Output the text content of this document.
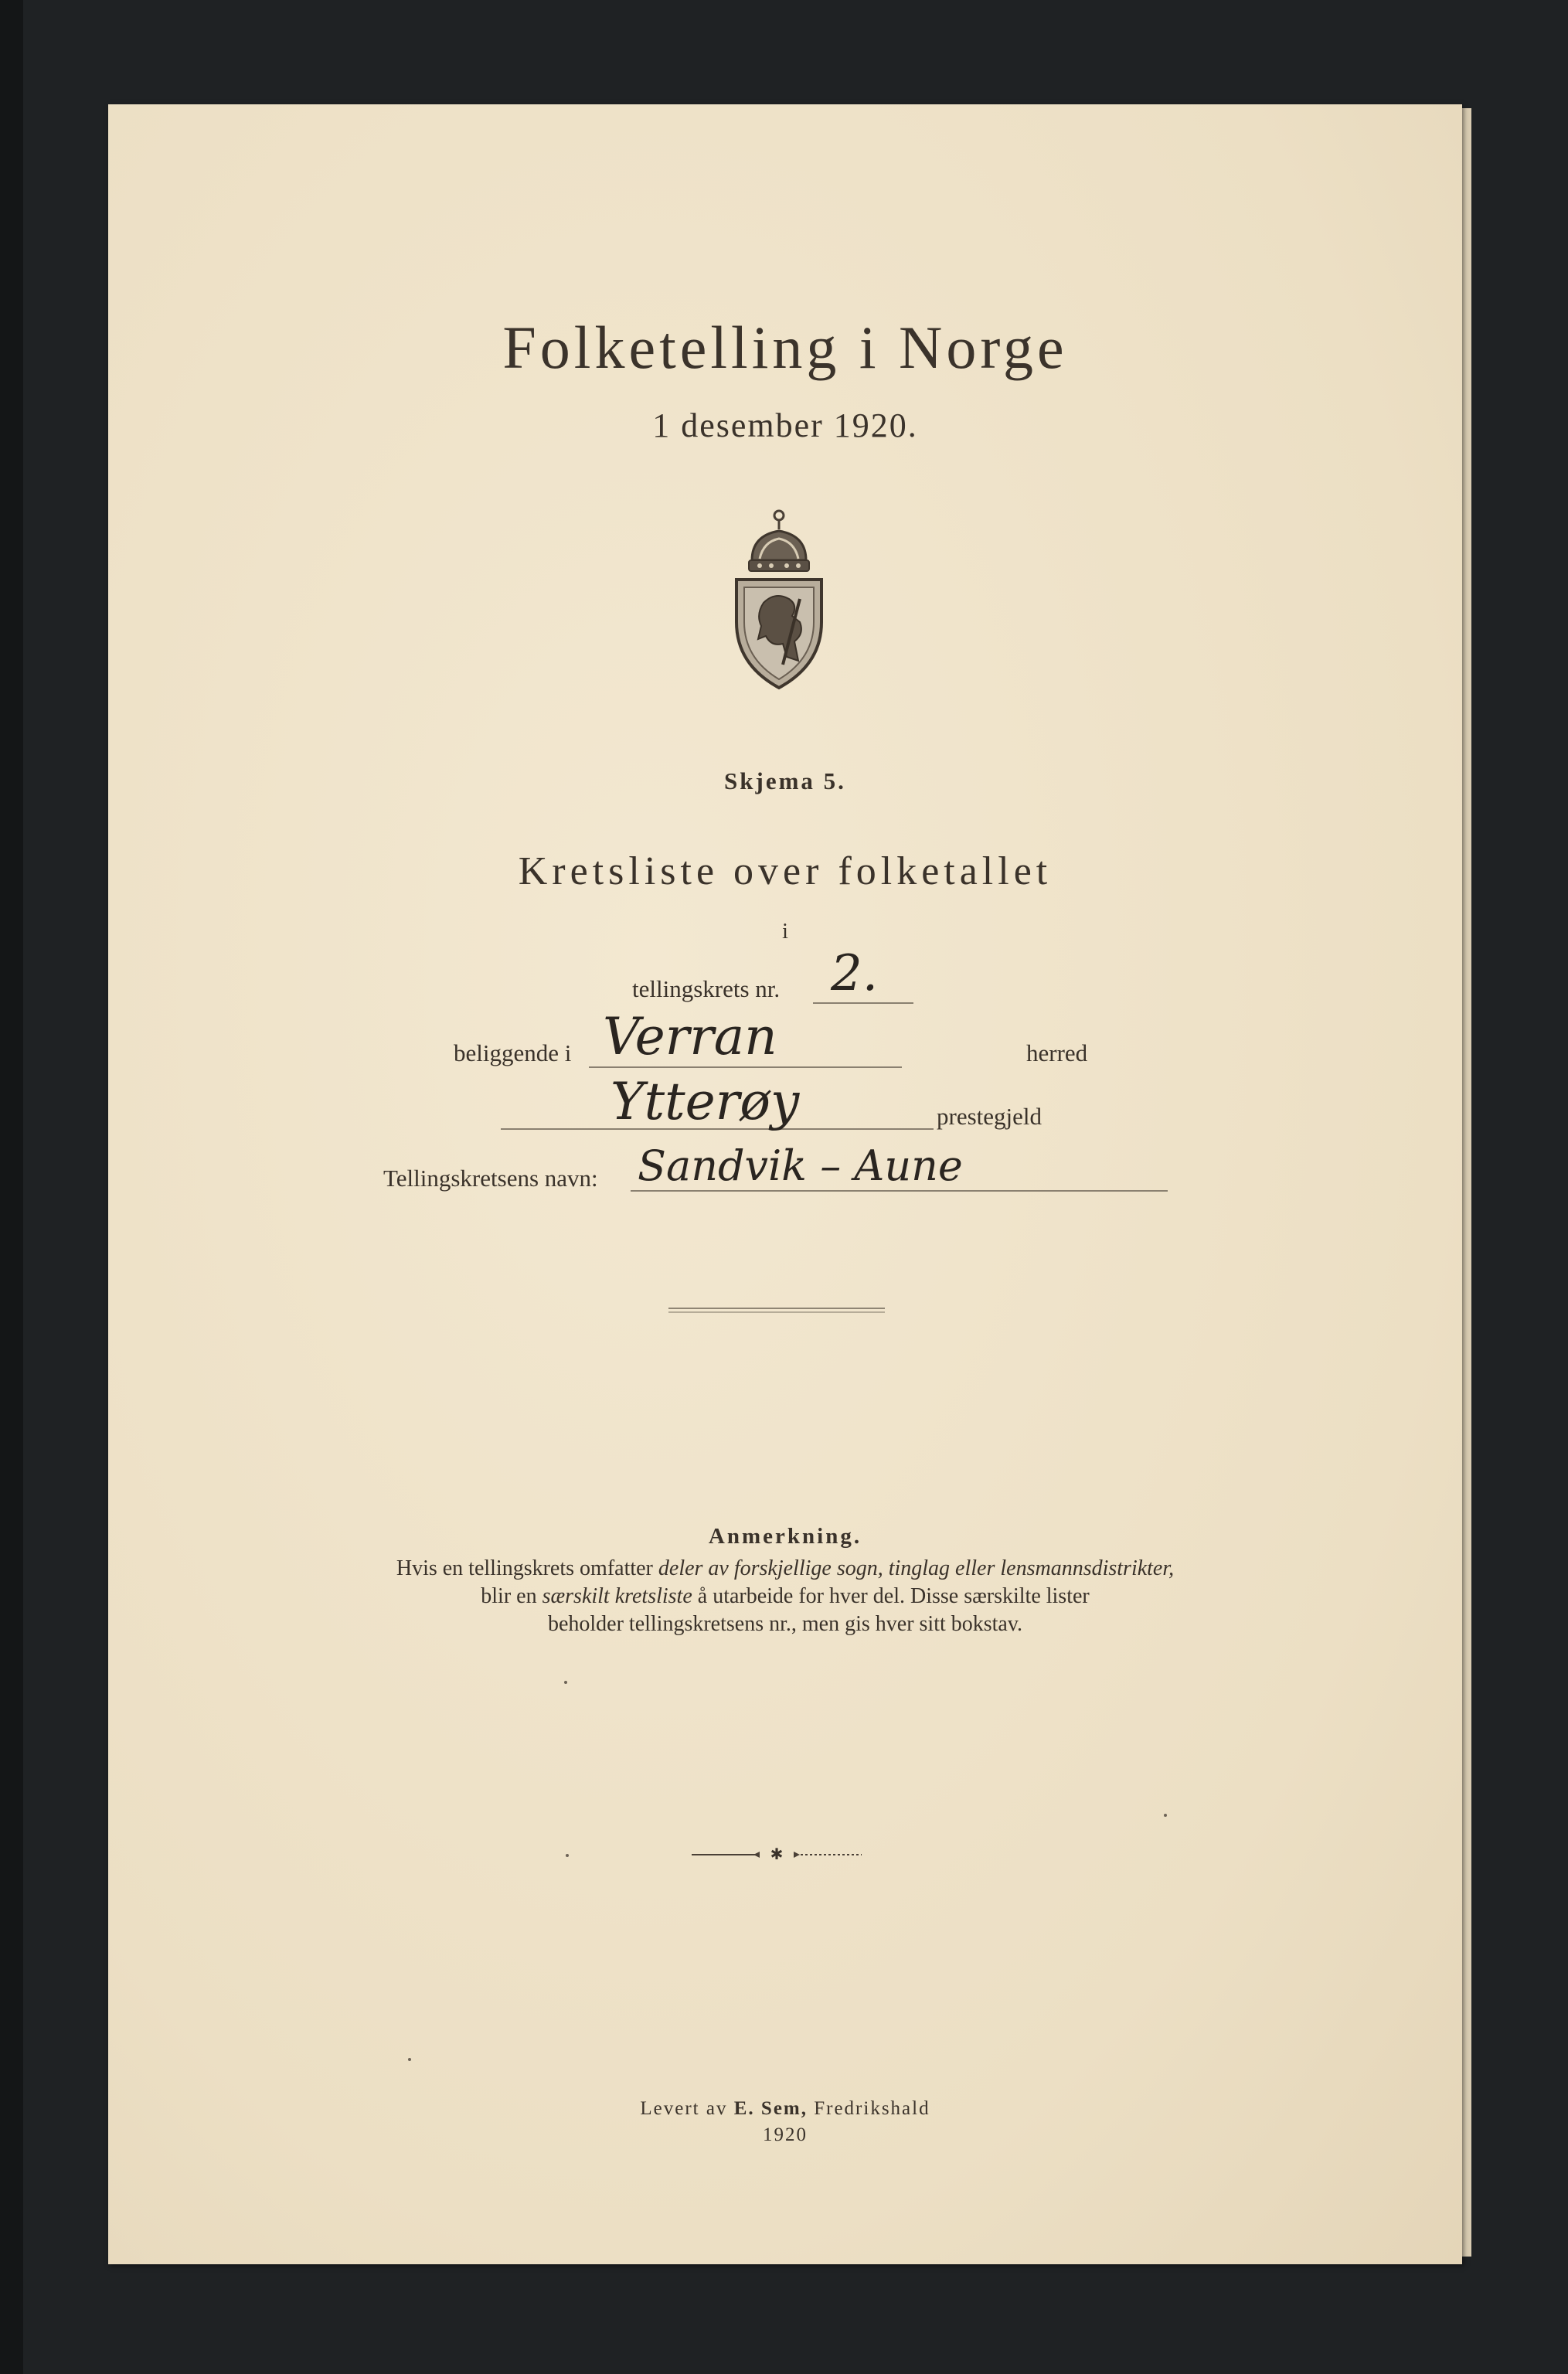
Folketelling i Norge
1 desember 1920.
Skjema 5.
Kretsliste over folketallet
i
tellingskrets nr. 2.
beliggende i Verran	herred
Ytterøy	prestegjeld
Tellingskretsens navn: Sandvik – Aune
Anmerkning.
Hvis en tellingskrets omfatter deler av forskjellige sogn, tinglag eller lensmannsdistrikter,
blir en særskilt kretsliste å utarbeide for hver del. Disse særskilte lister
beholder tellingskretsens nr., men gis hver sitt bokstav.
✱
Levert av E. Sem, Fredrikshald
1920
